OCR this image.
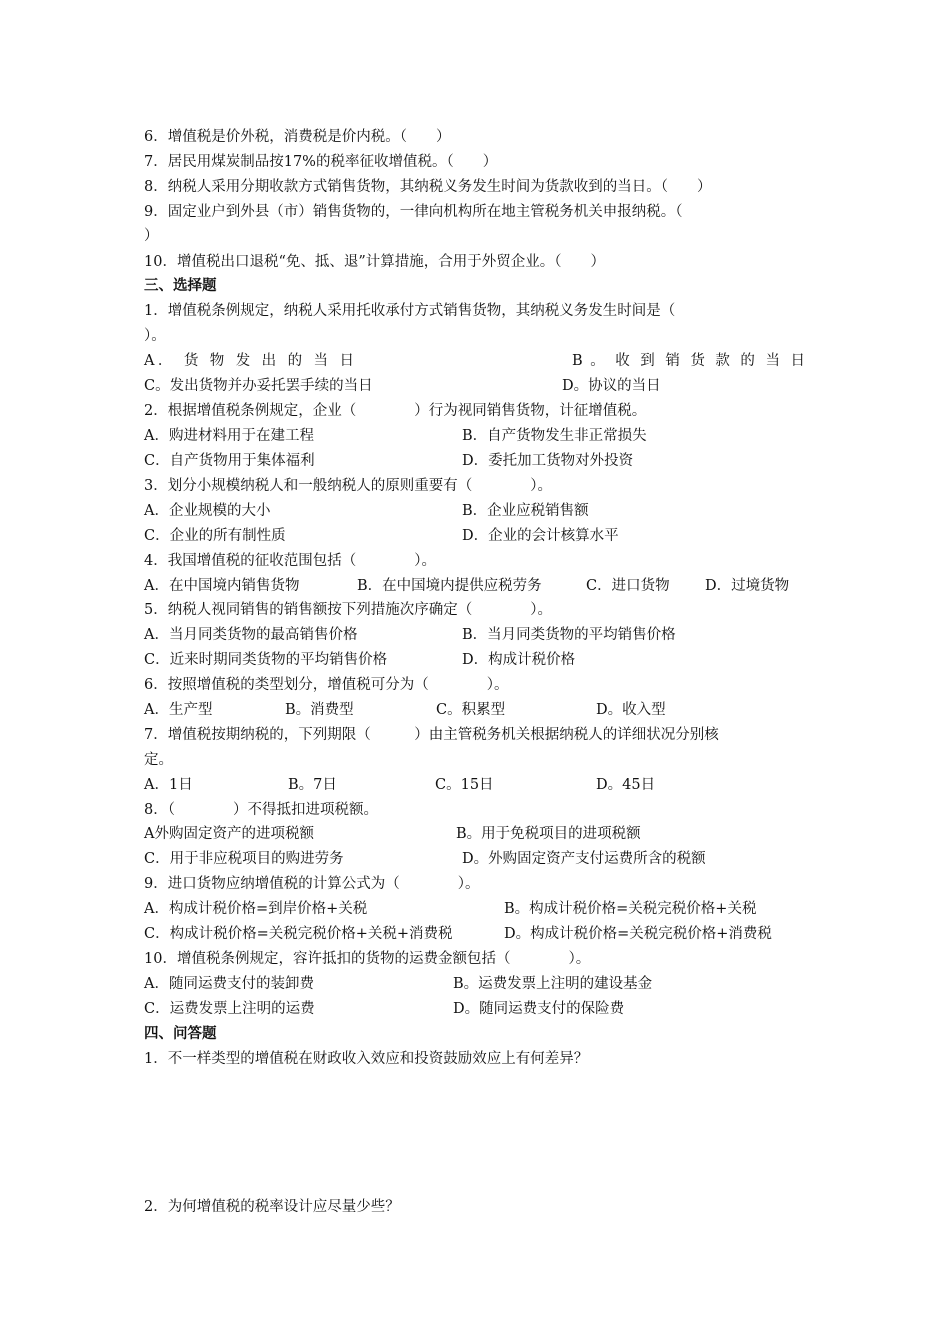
6．增值税是价外税，消费税是价内税。（　　）
7．居民用煤炭制品按17%的税率征收增值税。（　　）
8．纳税人采用分期收款方式销售货物，其纳税义务发生时间为货款收到的当日。（　　）
9．固定业户到外县（市）销售货物的，一律向机构所在地主管税务机关申报纳税。（
）
10．增值税出口退税“免、抵、退”计算措施，合用于外贸企业。（　　）
三、选择题
1．增值税条例规定，纳税人采用托收承付方式销售货物，其纳税义务发生时间是（
）。
A． 货 物 发 出 的 当 日	B 。 收 到 销 货 款 的 当 日
C。发出货物并办妥托罢手续的当日	D。协议的当日
2．根据增值税条例规定，企业（　　　　）行为视同销售货物，计征增值税。
A．购进材料用于在建工程	B．自产货物发生非正常损失
C．自产货物用于集体福利	D．委托加工货物对外投资
3．划分小规模纳税人和一般纳税人的原则重要有（　　　　）。
A．企业规模的大小	B．企业应税销售额
C．企业的所有制性质	D．企业的会计核算水平
4．我国增值税的征收范围包括（　　　　）。
A．在中国境内销售货物	B．在中国境内提供应税劳务	C．进口货物 D．过境货物
5．纳税人视同销售的销售额按下列措施次序确定（　　　　）。
A．当月同类货物的最高销售价格	B．当月同类货物的平均销售价格
C．近来时期同类货物的平均销售价格	D．构成计税价格
6．按照增值税的类型划分，增值税可分为（　　　　）。
A．生产型	B。消费型	C。积累型	D。收入型
7．增值税按期纳税的，下列期限（　　　）由主管税务机关根据纳税人的详细状况分别核
定。
A．1日	B。7日	C。15日	D。45日
8．（　　　　）不得抵扣进项税额。
A外购固定资产的进项税额	B。用于免税项目的进项税额
C．用于非应税项目的购进劳务	D。外购固定资产支付运费所含的税额
9．进口货物应纳增值税的计算公式为（　　　　）。
A．构成计税价格=到岸价格+关税	B。构成计税价格=关税完税价格+关税
C．构成计税价格=关税完税价格+关税+消费税	D。构成计税价格=关税完税价格+消费税
10．增值税条例规定，容许抵扣的货物的运费金额包括（　　　　）。
A．随同运费支付的装卸费	B。运费发票上注明的建设基金
C．运费发票上注明的运费	D。随同运费支付的保险费
四、问答题
1．不一样类型的增值税在财政收入效应和投资鼓励效应上有何差异？
2．为何增值税的税率设计应尽量少些？
